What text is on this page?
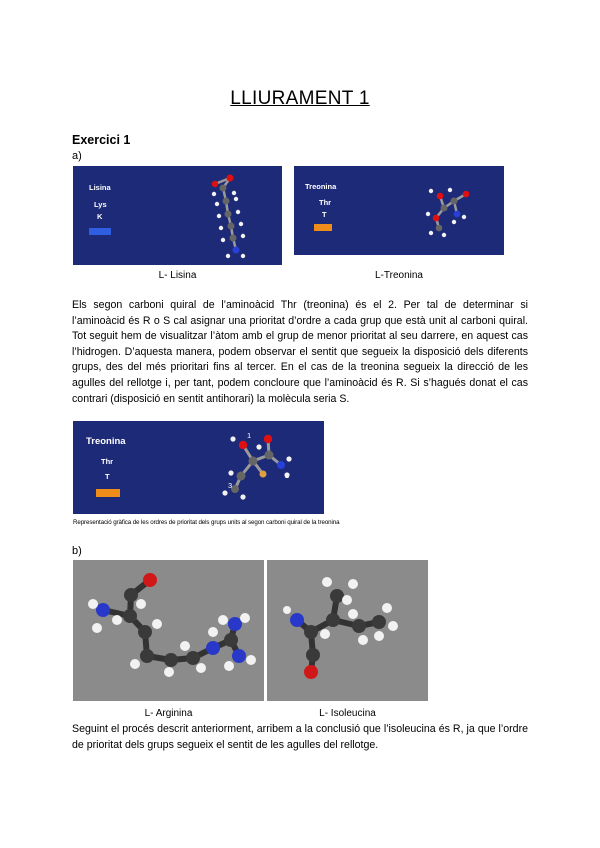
LLIURAMENT 1
Exercici 1
a)
Lisina
Lys
K
Treonina
Thr
T
L- Lisina	L-Treonina
Els segon carboni quiral de l’aminoàcid Thr (treonina) és el 2. Per tal de determinar si l’aminoàcid és R o S cal asignar una prioritat d’ordre a cada grup que està unit al carboni quiral. Tot seguit hem de visualitzar l’àtom amb el grup de menor prioritat al seu darrere, en aquest cas l’hidrogen. D’aquesta manera, podem observar el sentit que segueix la disposició dels diferents grups, des del més prioritari fins al tercer. En el cas de la treonina segueix la direcció de les agulles del rellotge i, per tant, podem concloure que l’aminoàcid és R. Si s’hagués donat el cas contrari (disposició en sentit antihorari) la molècula seria S.
Treonina
Thr
T
1
2
3
Representació gràfica de les ordres de prioritat dels grups units al segon carboni quiral de la treonina
b)
L- Arginina	L- Isoleucina
Seguint el procés descrit anteriorment, arribem a la conclusió que l’isoleucina és R, ja que l’ordre de prioritat dels grups segueix el sentit de les agulles del rellotge.
